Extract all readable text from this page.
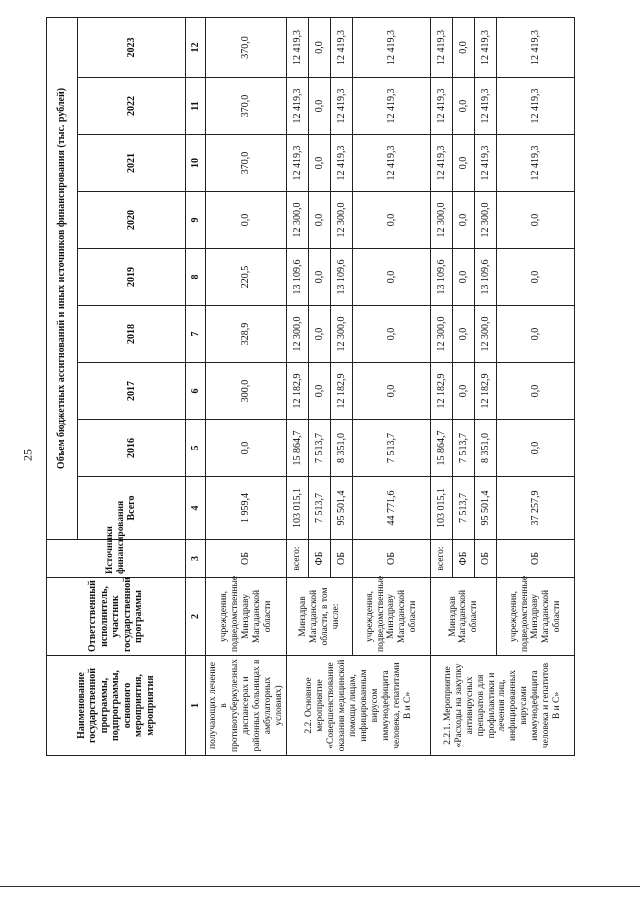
25
Наименование государственной программы, подпрограммы, основного мероприятия, мероприятия	Ответственный исполнитель, участник государственной программы	Источники финансирования	Объем бюджетных ассигнований и иных источников финансирования (тыс. рублей)								
			Всего	2016	2017	2018	2019	2020	2021	2022	2023
1	2	3	4	5	6	7	8	9	10	11	12
получающих лечение в противотуберкулезных диспансерах и районных больницах в амбулаторных условиях)	учреждения, подведомственные Минздраву Магаданской области	ОБ	1 959,4	0,0	300,0	328,9	220,5	0,0	370,0	370,0	370,0
2.2. Основное мероприятие «Совершенствование оказания медицинской помощи лицам, инфицированным вирусом иммунодефицита человека, гепатитами В и С»	Минздрав Магаданской области, в том числе:	всего:	103 015,1	15 864,7	12 182,9	12 300,0	13 109,6	12 300,0	12 419,3	12 419,3	12 419,3
		ФБ	7 513,7	7 513,7	0,0	0,0	0,0	0,0	0,0	0,0	0,0
		ОБ	95 501,4	8 351,0	12 182,9	12 300,0	13 109,6	12 300,0	12 419,3	12 419,3	12 419,3
	учреждения, подведомственные Минздраву Магаданской области	ОБ	44 771,6	7 513,7	0,0	0,0	0,0	0,0	12 419,3	12 419,3	12 419,3
2.2.1. Мероприятие «Расходы на закупку антивирусных препаратов для профилактики и лечения лиц, инфицированных вирусами иммунодефицита человека и гепатитов В и С»	Минздрав Магаданской области	всего:	103 015,1	15 864,7	12 182,9	12 300,0	13 109,6	12 300,0	12 419,3	12 419,3	12 419,3
		ФБ	7 513,7	7 513,7	0,0	0,0	0,0	0,0	0,0	0,0	0,0
		ОБ	95 501,4	8 351,0	12 182,9	12 300,0	13 109,6	12 300,0	12 419,3	12 419,3	12 419,3
	учреждения, подведомственные Минздраву Магаданской области	ОБ	37 257,9	0,0	0,0	0,0	0,0	0,0	12 419,3	12 419,3	12 419,3
